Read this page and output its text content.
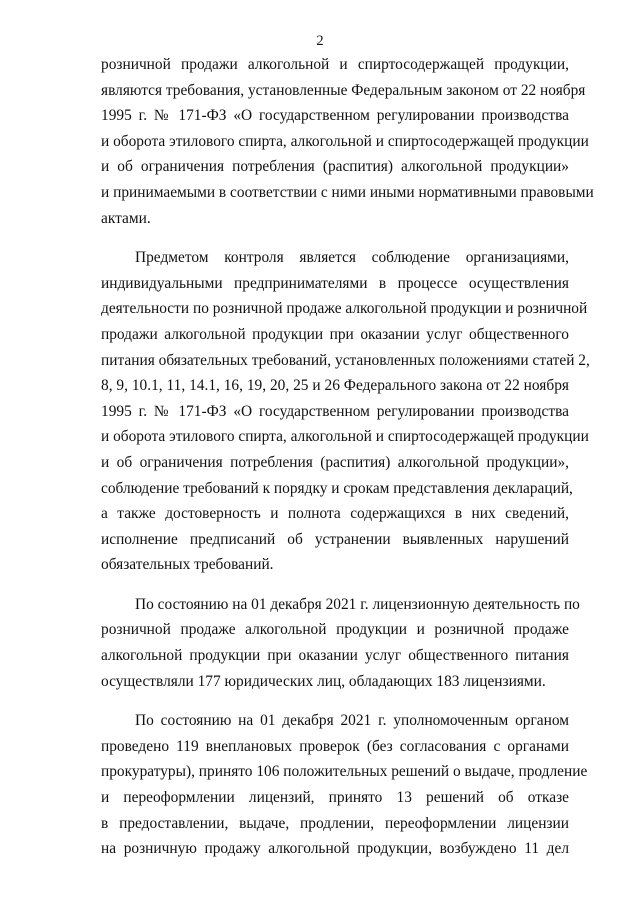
2
розничной продажи алкогольной и спиртосодержащей продукции,
являются требования, установленные Федеральным законом от 22 ноября
1995 г. № 171-ФЗ «О государственном регулировании производства
и оборота этилового спирта, алкогольной и спиртосодержащей продукции
и об ограничения потребления (распития) алкогольной продукции»
и принимаемыми в соответствии с ними иными нормативными правовыми
актами.
Предметом контроля является соблюдение организациями,
индивидуальными предпринимателями в процессе осуществления
деятельности по розничной продаже алкогольной продукции и розничной
продажи алкогольной продукции при оказании услуг общественного
питания обязательных требований, установленных положениями статей 2,
8, 9, 10.1, 11, 14.1, 16, 19, 20, 25 и 26 Федерального закона от 22 ноября
1995 г. № 171-ФЗ «О государственном регулировании производства
и оборота этилового спирта, алкогольной и спиртосодержащей продукции
и об ограничения потребления (распития) алкогольной продукции»,
соблюдение требований к порядку и срокам представления деклараций,
а также достоверность и полнота содержащихся в них сведений,
исполнение предписаний об устранении выявленных нарушений
обязательных требований.
По состоянию на 01 декабря 2021 г. лицензионную деятельность по
розничной продаже алкогольной продукции и розничной продаже
алкогольной продукции при оказании услуг общественного питания
осуществляли 177 юридических лиц, обладающих 183 лицензиями.
По состоянию на 01 декабря 2021 г. уполномоченным органом
проведено 119 внеплановых проверок (без согласования с органами
прокуратуры), принято 106 положительных решений о выдаче, продление
и переоформлении лицензий, принято 13 решений об отказе
в предоставлении, выдаче, продлении, переоформлении лицензии
на розничную продажу алкогольной продукции, возбуждено 11 дел
